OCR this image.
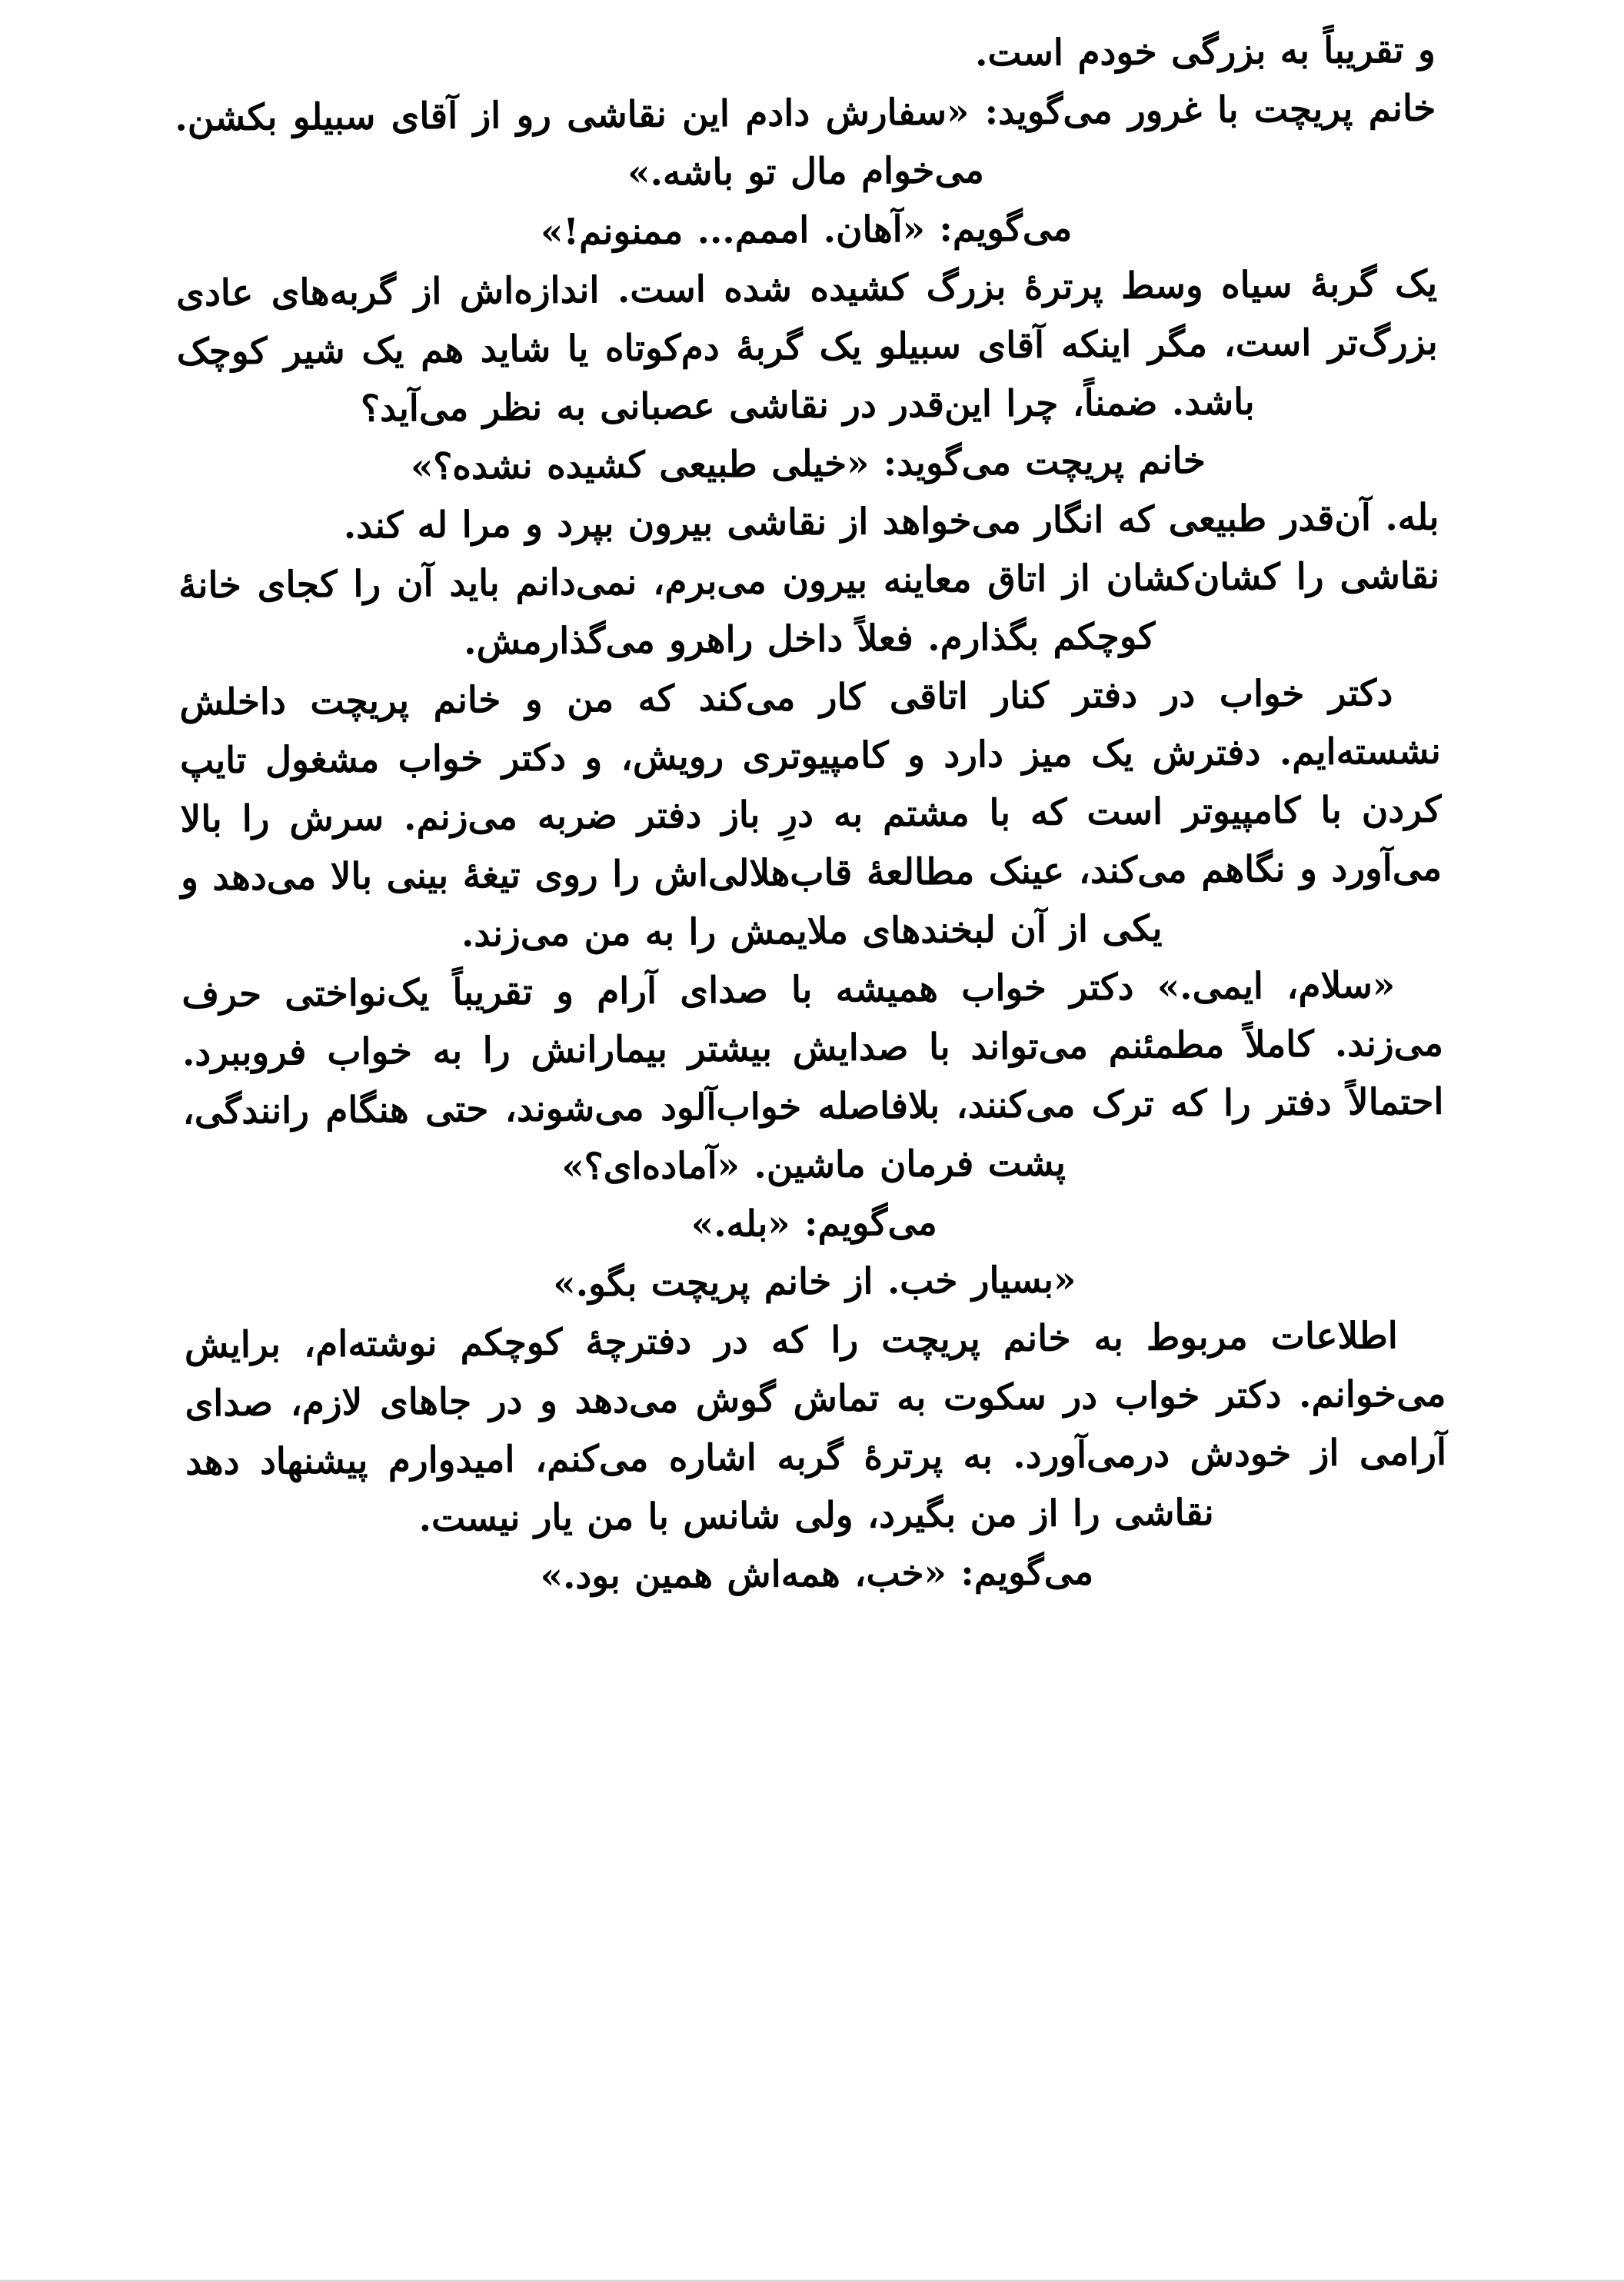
و تقریباً به بزرگی خودم است.

خانم پریچت با غرور می‌گوید: «سفارش دادم این نقاشی رو از آقای سبیلو بکشن. می‌خوام مال تو باشه.»

می‌گویم: «آهان. اممم... ممنونم!»

یک گربهٔ سیاه وسط پرترهٔ بزرگ کشیده شده است. اندازه‌اش از گربه‌های عادی بزرگ‌تر است، مگر اینکه آقای سبیلو یک گربهٔ دم‌کوتاه یا شاید هم یک شیر کوچک باشد. ضمناً، چرا این‌قدر در نقاشی عصبانی به نظر می‌آید؟

خانم پریچت می‌گوید: «خیلی طبیعی کشیده نشده؟»

بله. آن‌قدر طبیعی که انگار می‌خواهد از نقاشی بیرون بپرد و مرا له کند.

نقاشی را کشان‌کشان از اتاق معاینه بیرون می‌برم، نمی‌دانم باید آن را کجای خانهٔ کوچکم بگذارم. فعلاً داخل راهرو می‌گذارمش.

دکتر خواب در دفتر کنار اتاقی کار می‌کند که من و خانم پریچت داخلش نشسته‌ایم. دفترش یک میز دارد و کامپیوتری رویش، و دکتر خواب مشغول تایپ کردن با کامپیوتر است که با مشتم به درِ باز دفتر ضربه می‌زنم. سرش را بالا می‌آورد و نگاهم می‌کند، عینک مطالعهٔ قاب‌هلالی‌اش را روی تیغهٔ بینی بالا می‌دهد و یکی از آن لبخندهای ملایمش را به من می‌زند.

«سلام، ایمی.» دکتر خواب همیشه با صدای آرام و تقریباً یک‌نواختی حرف می‌زند. کاملاً مطمئنم می‌تواند با صدایش بیشتر بیمارانش را به خواب فروببرد. احتمالاً دفتر را که ترک می‌کنند، بلافاصله خواب‌آلود می‌شوند، حتی هنگام رانندگی، پشت فرمان ماشین. «آماده‌ای؟»

می‌گویم: «بله.»

«بسیار خب. از خانم پریچت بگو.»

اطلاعات مربوط به خانم پریچت را که در دفترچهٔ کوچکم نوشته‌ام، برایش می‌خوانم. دکتر خواب در سکوت به تماش گوش می‌دهد و در جاهای لازم، صدای آرامی از خودش درمی‌آورد. به پرترهٔ گربه اشاره می‌کنم، امیدوارم پیشنهاد دهد نقاشی را از من بگیرد، ولی شانس با من یار نیست.

می‌گویم: «خب، همه‌اش همین بود.»
